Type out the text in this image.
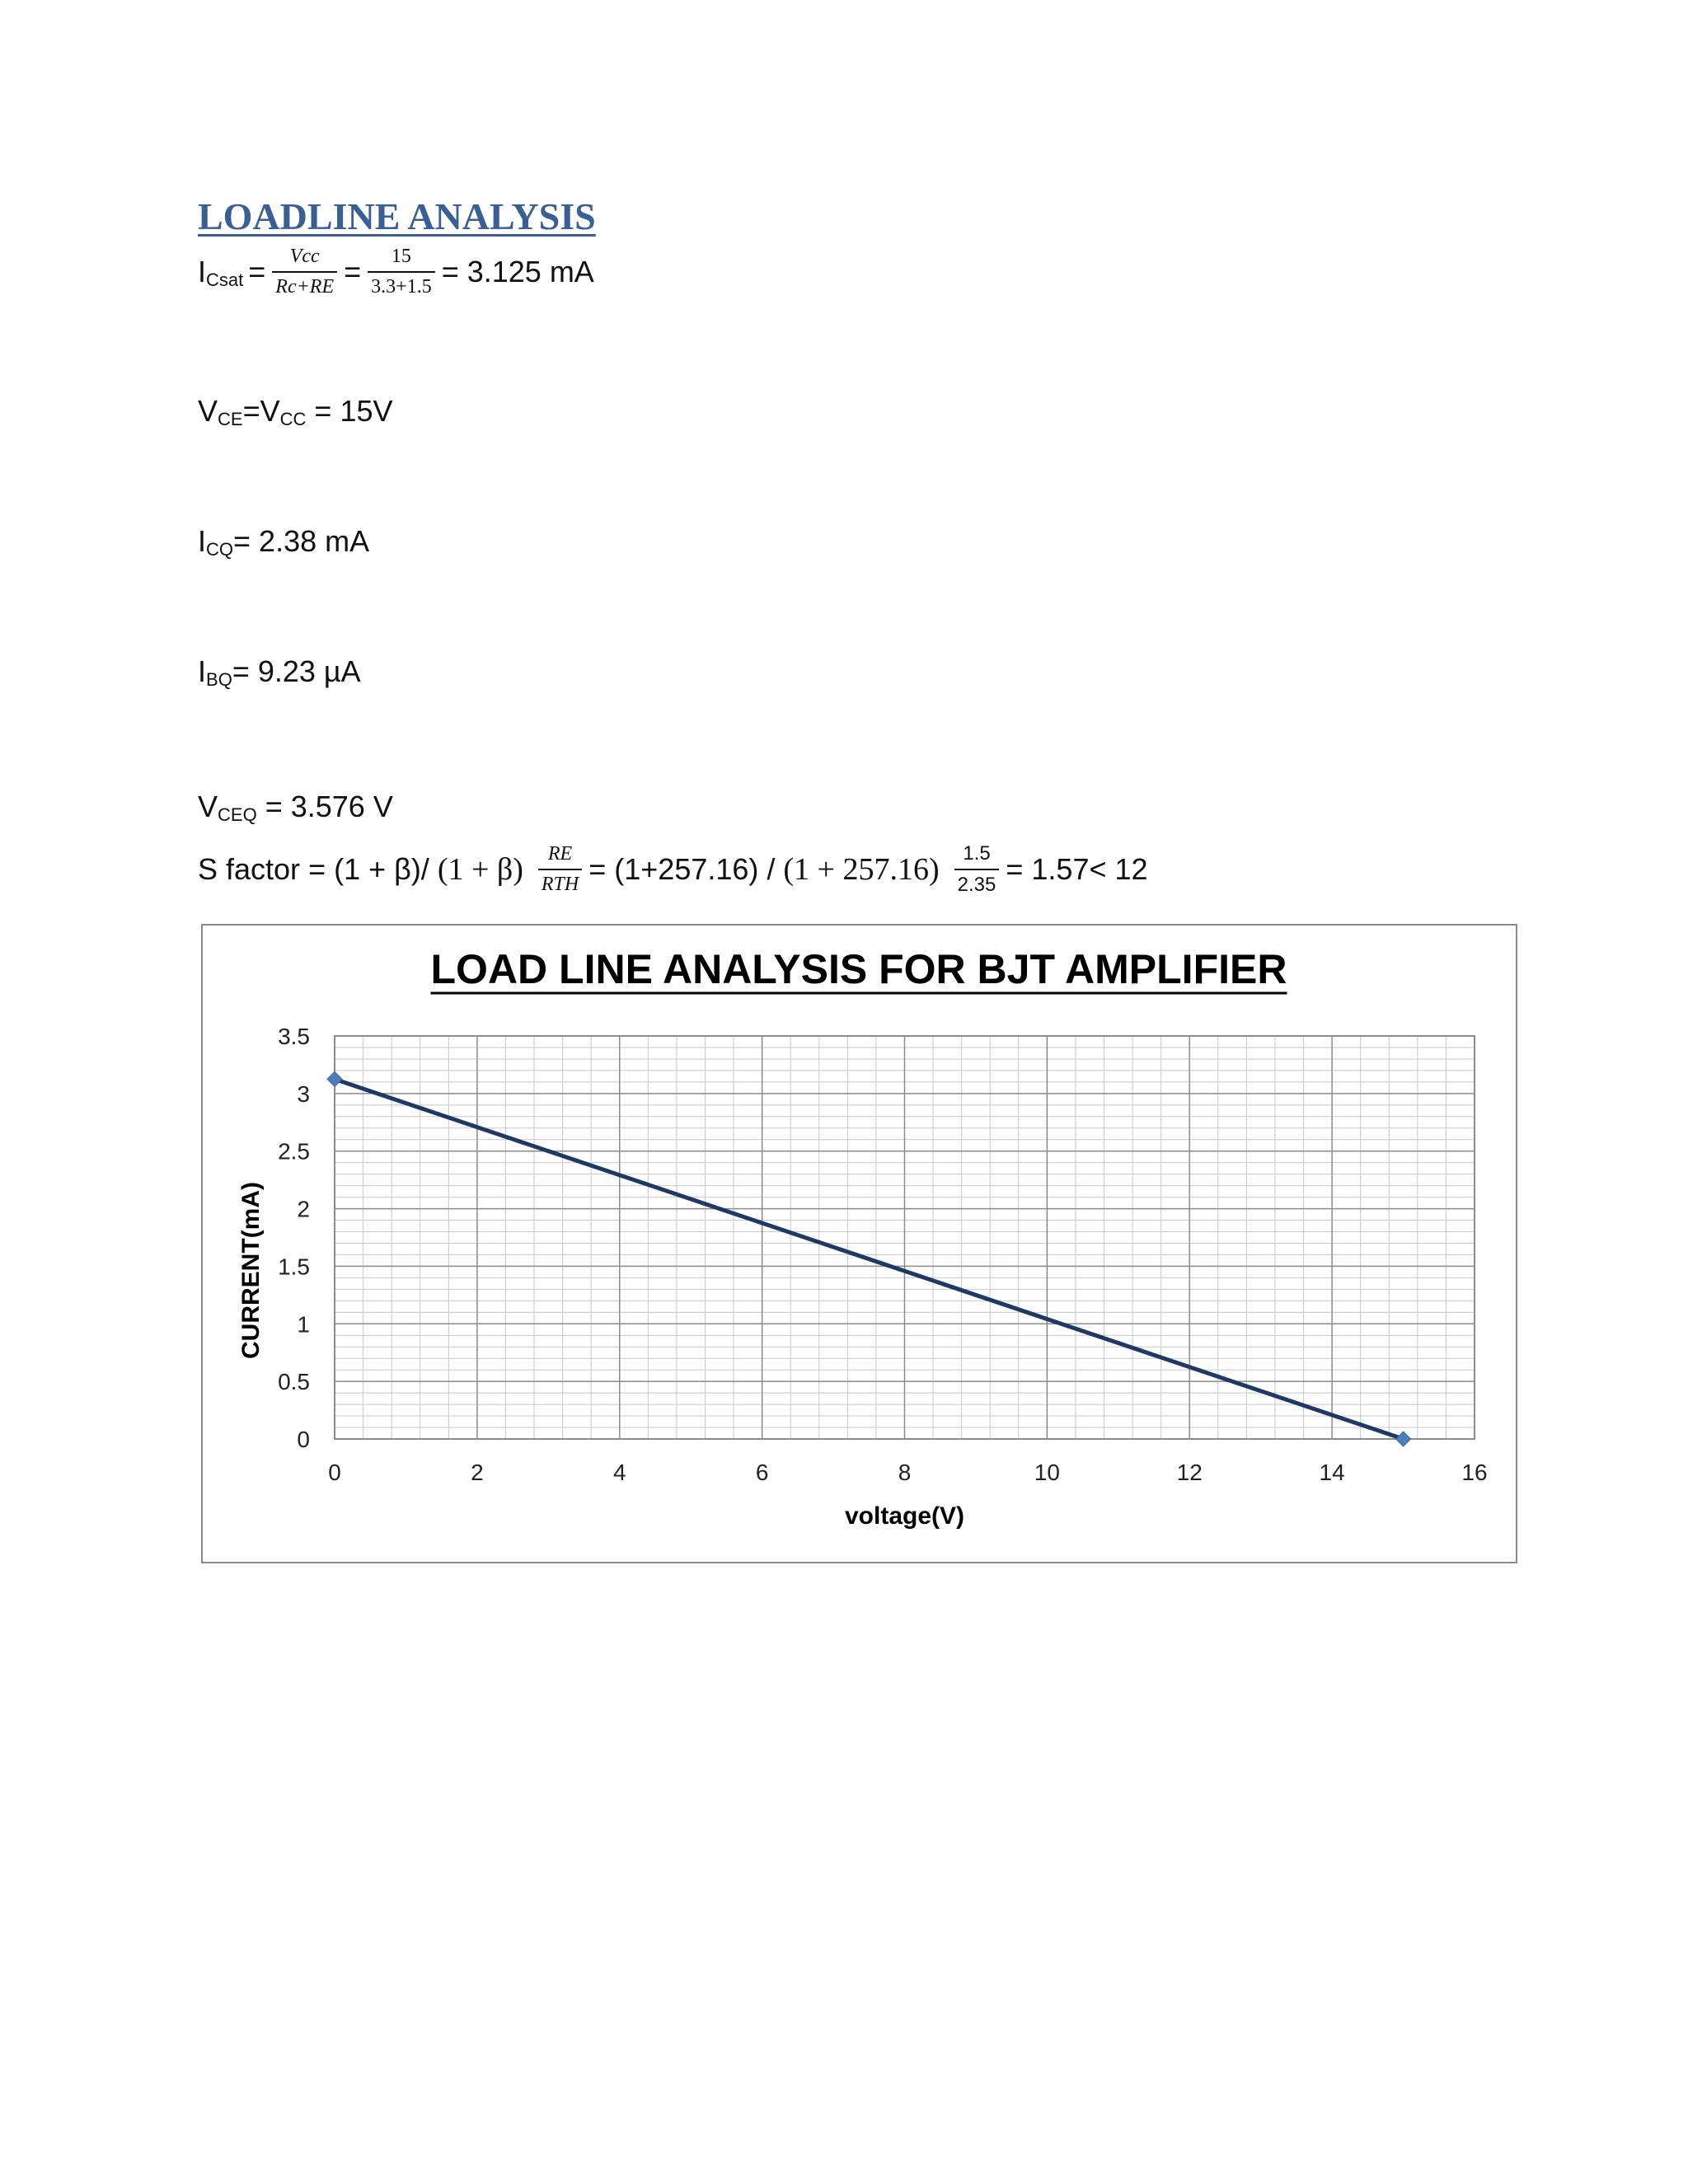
LOADLINE ANALYSIS
I Csat = $\frac{\text{Vcc}}{Rc+RE} = \frac{15}{3.3+1.5} = 3.125$ mA
V CE =V CC
= 15V
I CQ = 2.38 mA
I BQ = 9.23 µA
V CEQ
= 3.576 V
S factor = (1 + β)/ $(1 + \beta) \frac{RE}{\text{RTH}} = (1+257.16) / (1 + 257.16) \frac{1.5}{2.35} = 1.57< 12$
LOAD LINE ANALYSIS FOR BJT AMPLIFIER
0	2	4	6	8	10	12	14	16
0
0.5
1
1.5
2
2.5
3
3.5
voltage(V)
CURRENT(mA)
